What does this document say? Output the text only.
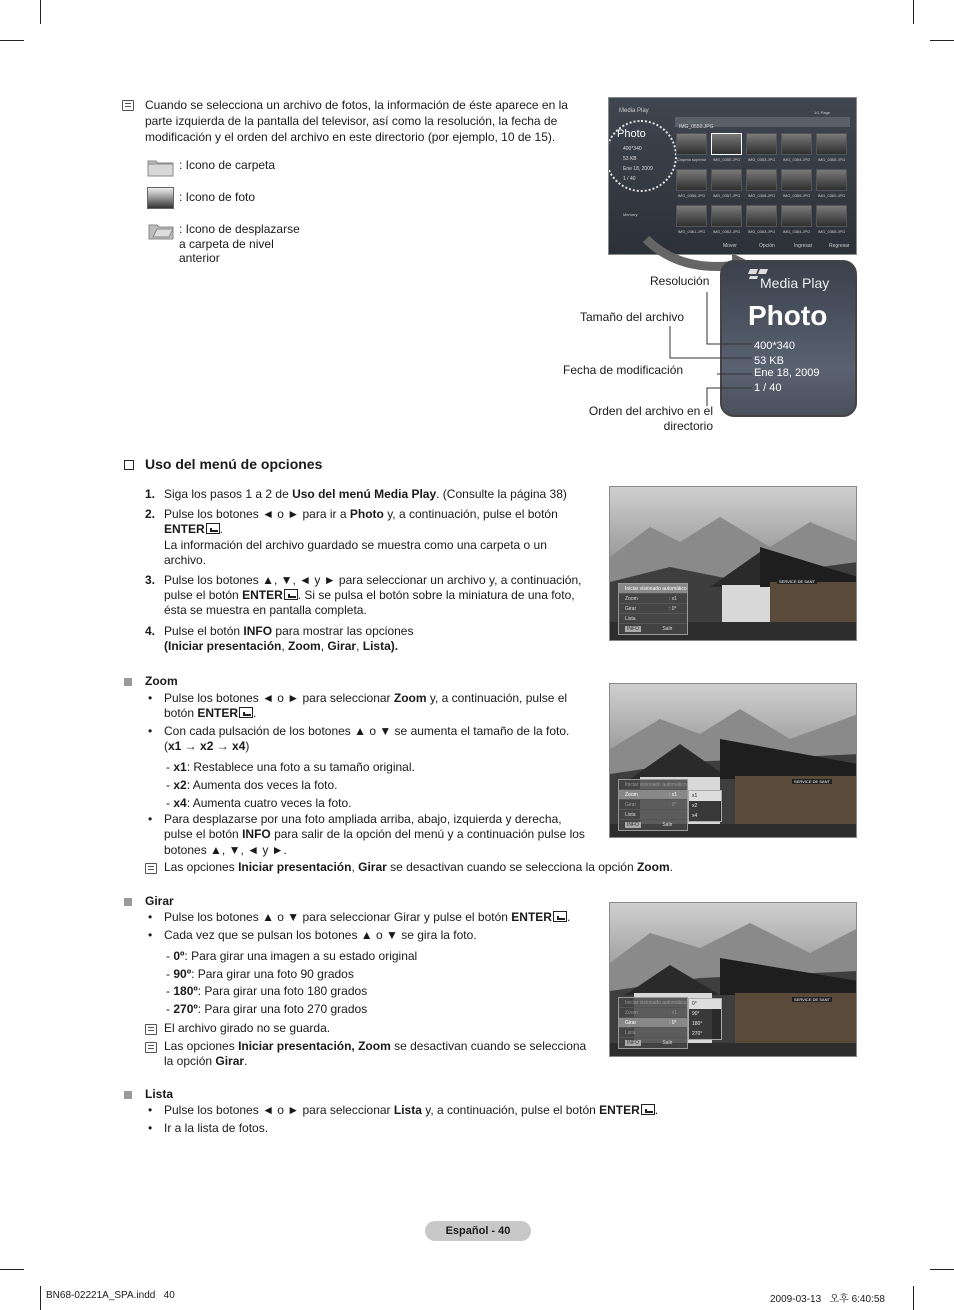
Cuando se selecciona un archivo de fotos, la información de éste aparece en la parte izquierda de la pantalla del televisor, así como la resolución, la fecha de modificación y el orden del archivo en este directorio (por ejemplo, 10 de 15).
: Icono de carpeta
: Icono de foto
: Icono de desplazarse a carpeta de nivel anterior
Media Play
IMG_0550.JPG
1/1 Page
Photo
400*340
53 KB
Ene 18, 2009
1 / 40
Memory
Carpeta superior	IMG_0350.JPG	IMG_0353.JPG	IMG_0354.JPG	IMG_0355.JPG
IMG_0356.JPG	IMG_0357.JPG	IMG_0358.JPG	IMG_0359.JPG	IMG_0360.JPG
IMG_0361.JPG	IMG_0362.JPG	IMG_0363.JPG	IMG_0364.JPG	IMG_0365.JPG
Mover	Opción	Ingresar	Regresar
Media Play
Photo
400*340
53 KB
Ene 18, 2009
1 / 40
Resolución
Tamaño del archivo
Fecha de modificación
Orden del archivo en el directorio
Uso del menú de opciones
1. Siga los pasos 1 a 2 de Uso del menú Media Play. (Consulte la página 38)
2. Pulse los botones ◄ o ► para ir a Photo y, a continuación, pulse el botón
ENTER .
La información del archivo guardado se muestra como una carpeta o un archivo.
3. Pulse los botones ▲, ▼, ◄ y ► para seleccionar un archivo y, a continuación, pulse el botón ENTER . Si se pulsa el botón sobre la miniatura de una foto, ésta se muestra en pantalla completa.
4. Pulse el botón INFO para mostrar las opciones
(Iniciar presentación, Zoom, Girar, Lista).
SERVICE DE SANT
Iniciar visionado automático
Zoom	: x1
Girar	: 0°
Lista
INFO	Salir
Zoom
• Pulse los botones ◄ o ► para seleccionar Zoom y, a continuación, pulse el
botón ENTER .
• Con cada pulsación de los botones ▲ o ▼ se aumenta el tamaño de la foto.
(x1 → x2 → x4)
- x1: Restablece una foto a su tamaño original.
- x2: Aumenta dos veces la foto.
- x4: Aumenta cuatro veces la foto.
• Para desplazarse por una foto ampliada arriba, abajo, izquierda y derecha,
pulse el botón INFO para salir de la opción del menú y a continuación pulse los
botones ▲, ▼, ◄ y ►.
Las opciones Iniciar presentación, Girar se desactivan cuando se selecciona la opción Zoom.
SERVICE DE SANT
Iniciar visionado automático
Zoom	: x1
Girar	: 0°
Lista
INFO	Salir
x1
x2
x4
Girar
• Pulse los botones ▲ o ▼ para seleccionar Girar y pulse el botón ENTER .
• Cada vez que se pulsan los botones ▲ o ▼ se gira la foto.
- 0º: Para girar una imagen a su estado original
- 90º: Para girar una foto 90 grados
- 180º: Para girar una foto 180 grados
- 270º: Para girar una foto 270 grados
El archivo girado no se guarda.
Las opciones Iniciar presentación, Zoom se desactivan cuando se selecciona
la opción Girar.
SERVICE DE SANT
Iniciar visionado automático
Zoom	: x1
Girar	: 0°
Lista
INFO	Salir
0°
90°
180°
270°
Lista
• Pulse los botones ◄ o ► para seleccionar Lista y, a continuación, pulse el botón ENTER .
• Ir a la lista de fotos.
Español - 40
BN68-02221A_SPA.indd   40	2009-03-13   오후 6:40:58
